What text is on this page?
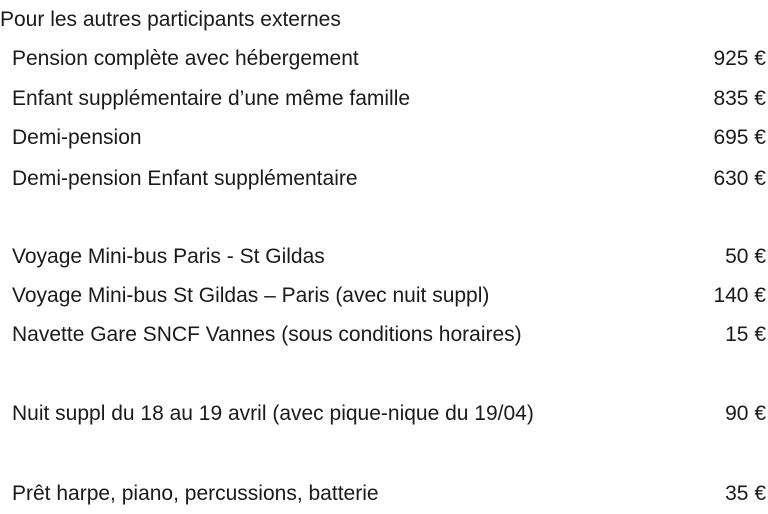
Pour les autres participants externes
Pension complète avec hébergement	925 €
Enfant supplémentaire d’une même famille	835 €
Demi-pension	695 €
Demi-pension Enfant supplémentaire	630 €
Voyage Mini-bus Paris - St Gildas	50 €
Voyage Mini-bus St Gildas – Paris (avec nuit suppl)	140 €
Navette Gare SNCF Vannes (sous conditions horaires)	15 €
Nuit suppl du 18 au 19 avril (avec pique-nique du 19/04)	90 €
Prêt harpe, piano, percussions, batterie	35 €
